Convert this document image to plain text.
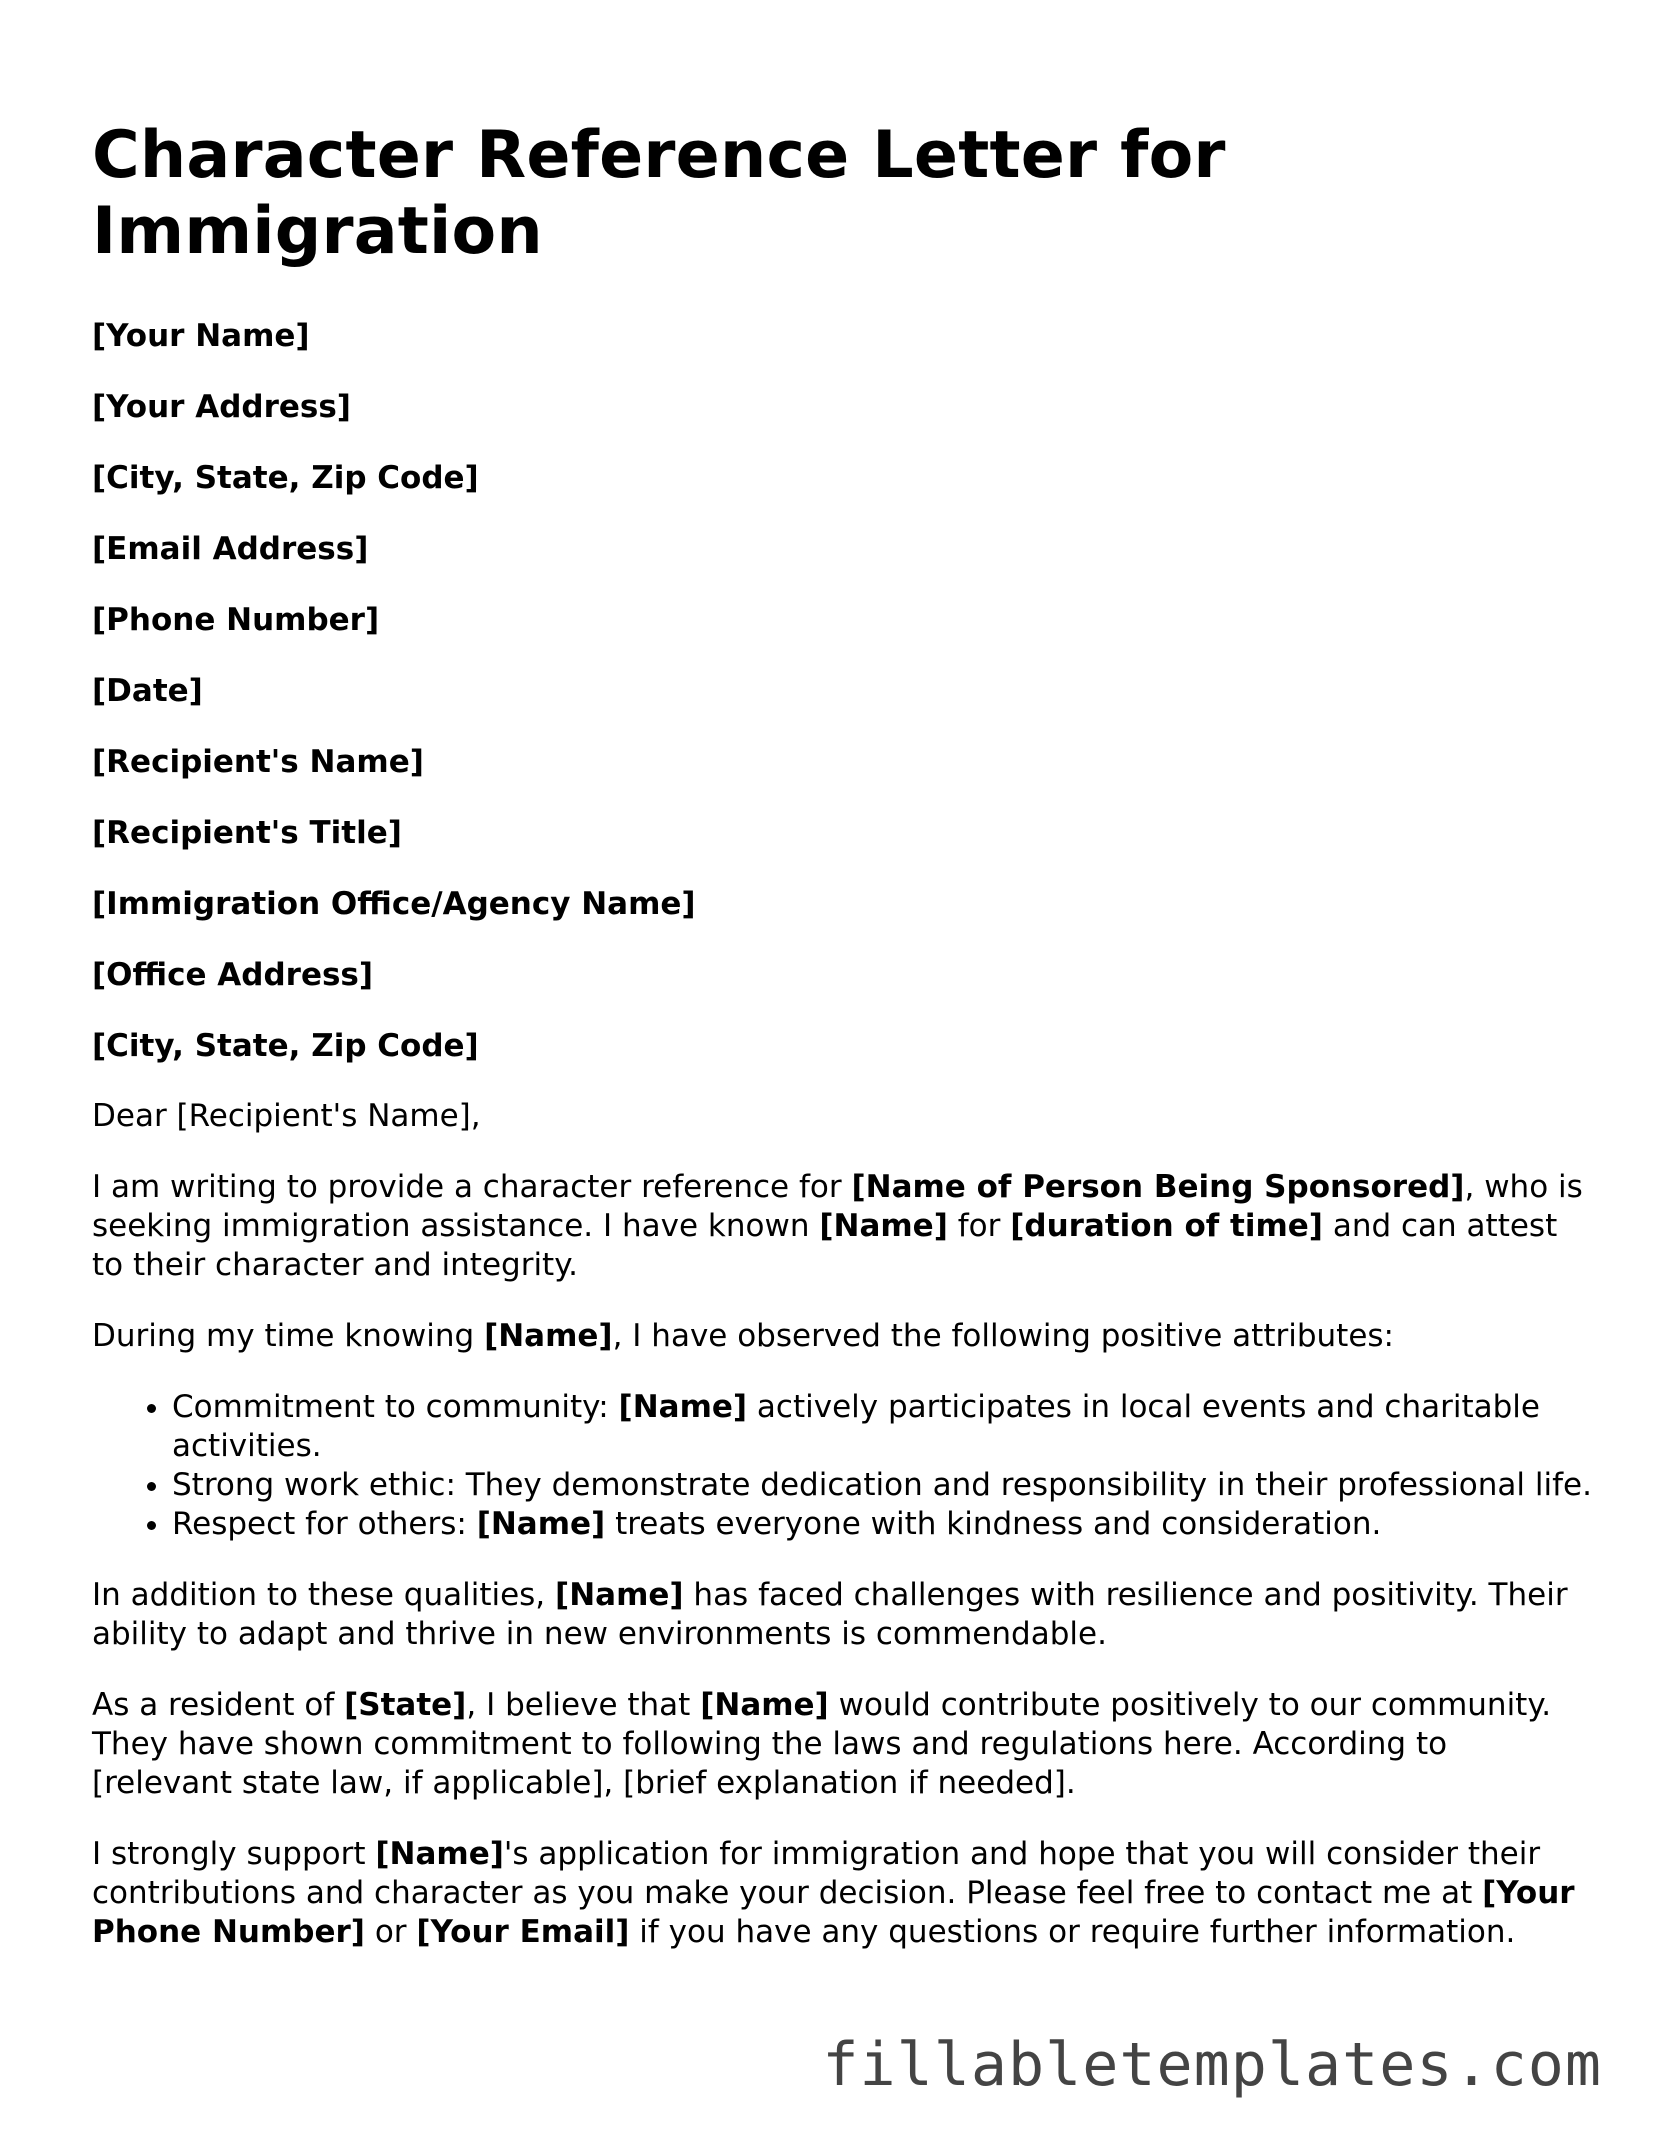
Character Reference Letter for Immigration
[Your Name]
[Your Address]
[City, State, Zip Code]
[Email Address]
[Phone Number]
[Date]
[Recipient's Name]
[Recipient's Title]
[Immigration Office/Agency Name]
[Office Address]
[City, State, Zip Code]

Dear [Recipient's Name],

I am writing to provide a character reference for [Name of Person Being Sponsored], who is seeking immigration assistance. I have known [Name] for [duration of time] and can attest to their character and integrity.

During my time knowing [Name], I have observed the following positive attributes:

• Commitment to community: [Name] actively participates in local events and charitable activities.
• Strong work ethic: They demonstrate dedication and responsibility in their professional life.
• Respect for others: [Name] treats everyone with kindness and consideration.

In addition to these qualities, [Name] has faced challenges with resilience and positivity. Their ability to adapt and thrive in new environments is commendable.

As a resident of [State], I believe that [Name] would contribute positively to our community. They have shown commitment to following the laws and regulations here. According to [relevant state law, if applicable], [brief explanation if needed].

I strongly support [Name]'s application for immigration and hope that you will consider their contributions and character as you make your decision. Please feel free to contact me at [Your Phone Number] or [Your Email] if you have any questions or require further information.

fillabletemplates.com
